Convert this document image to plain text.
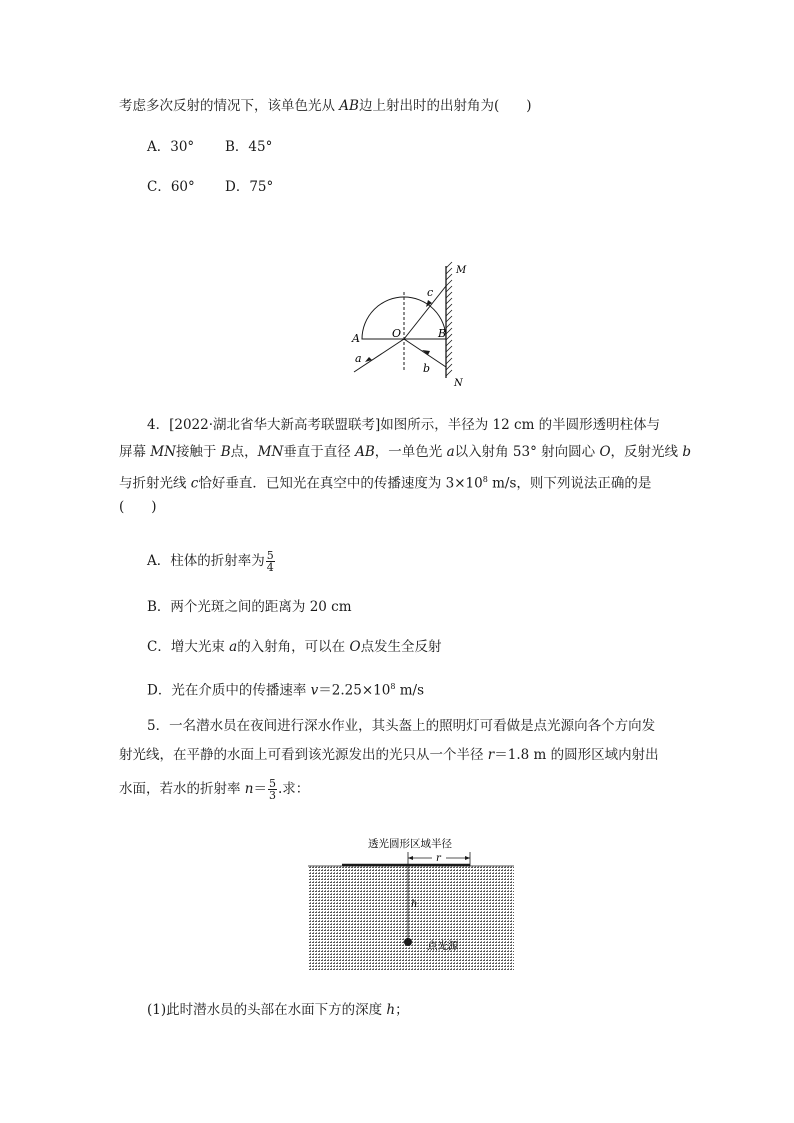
考虑多次反射的情况下，该单色光从 AB边上射出时的出射角为(　　)
A．30° B．45°
C．60° D．75°
M
N
A	O	B
a
b
c
4．[2022·湖北省华大新高考联盟联考]如图所示，半径为 12 cm 的半圆形透明柱体与
屏幕 MN接触于 B点，MN垂直于直径 AB，一单色光 a以入射角 53° 射向圆心 O，反射光线 b
与折射光线 c恰好垂直．已知光在真空中的传播速度为 $3\times 10^8$ m/s，则下列说法正确的是
(　　)
A．柱体的折射率为 $\frac{5}{4}$
B．两个光斑之间的距离为 20 cm
C．增大光束 a的入射角，可以在 O点发生全反射
D．光在介质中的传播速率 $v=2.25\times 10^8$ m/s
5．一名潜水员在夜间进行深水作业，其头盔上的照明灯可看做是点光源向各个方向发
射光线，在平静的水面上可看到该光源发出的光只从一个半径 r＝1.8 m 的圆形区域内射出
水面，若水的折射率 $n= \frac{5}{3}$ .求：
透光圆形区域半径
r
h
点光源
(1)此时潜水员的头部在水面下方的深度 h；
